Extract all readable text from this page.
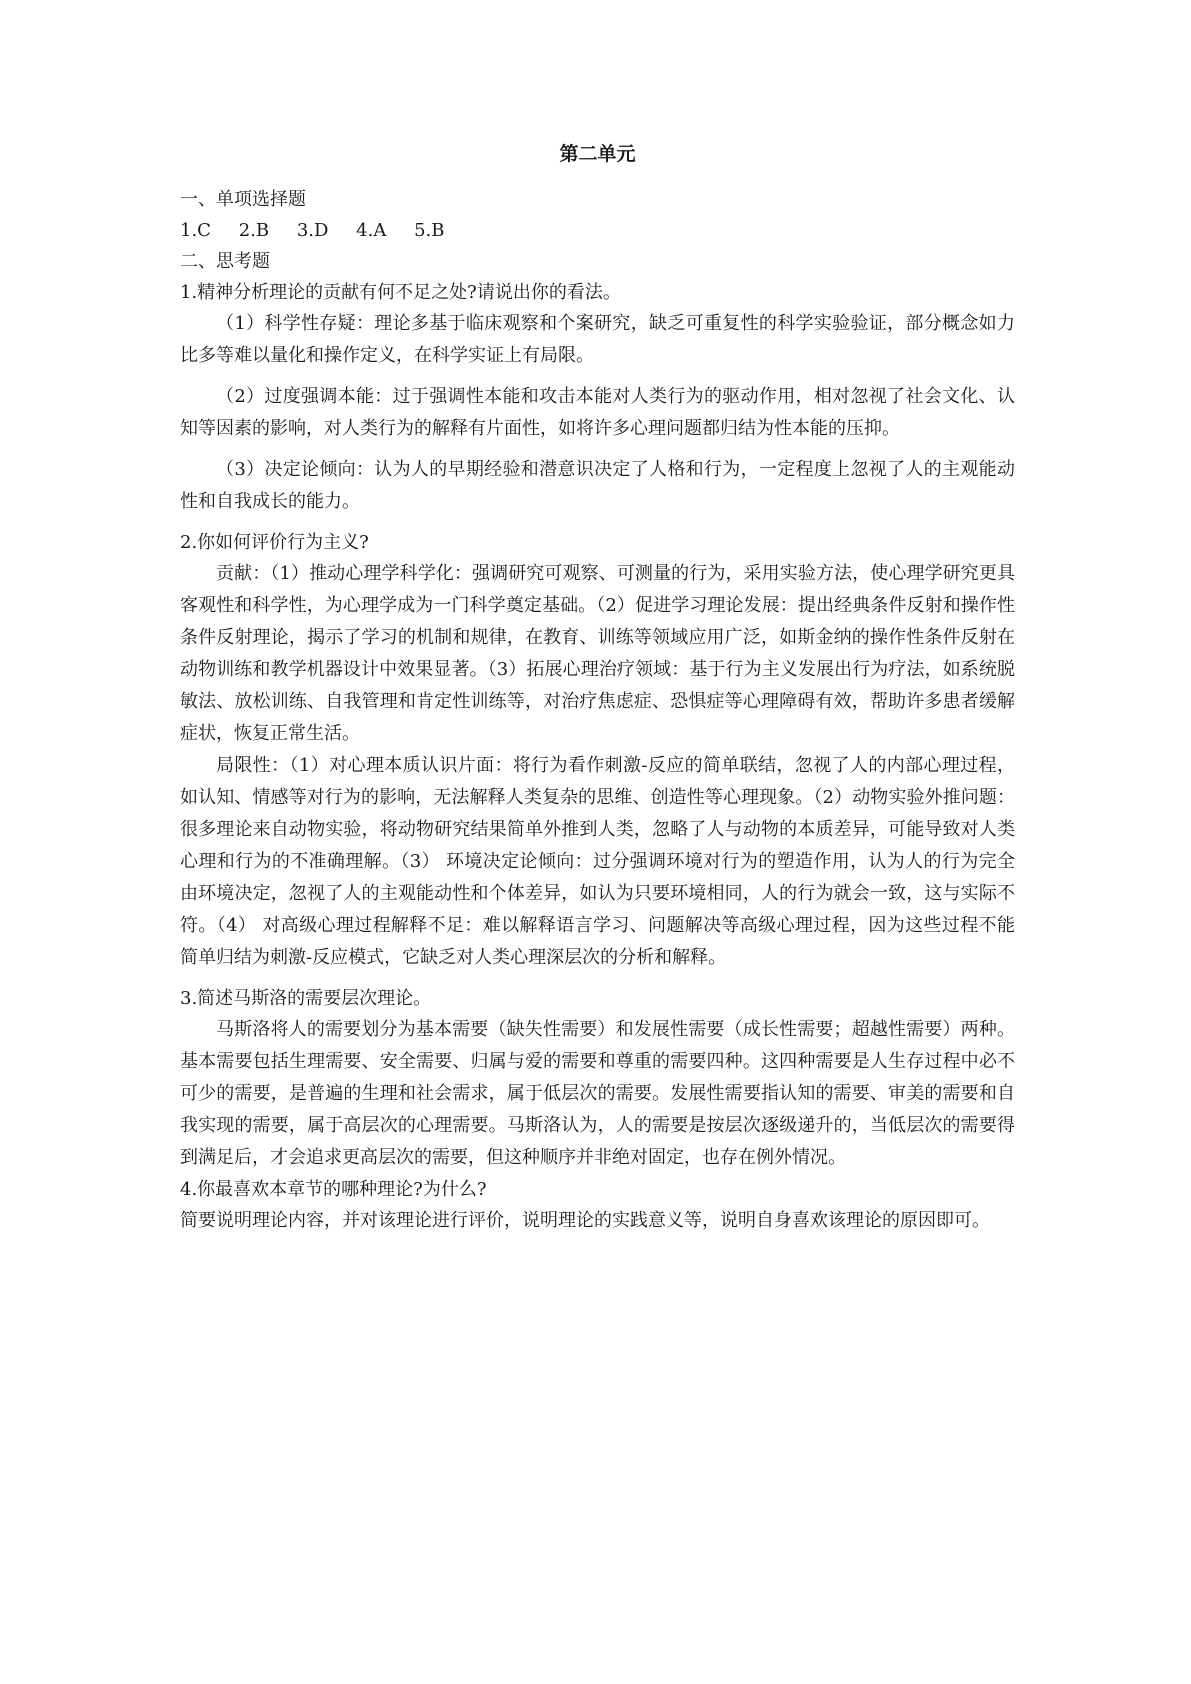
第二单元
一、单项选择题
1.C 2.B 3.D 4.A 5.B
二、思考题
1.精神分析理论的贡献有何不足之处?请说出你的看法。

（1）科学性存疑：理论多基于临床观察和个案研究，缺乏可重复性的科学实验验证，部分概念如力比多等难以量化和操作定义，在科学实证上有局限。

（2）过度强调本能：过于强调性本能和攻击本能对人类行为的驱动作用，相对忽视了社会文化、认知等因素的影响，对人类行为的解释有片面性，如将许多心理问题都归结为性本能的压抑。

（3）决定论倾向：认为人的早期经验和潜意识决定了人格和行为，一定程度上忽视了人的主观能动性和自我成长的能力。

2.你如何评价行为主义?

贡献：（1）推动心理学科学化：强调研究可观察、可测量的行为，采用实验方法，使心理学研究更具客观性和科学性，为心理学成为一门科学奠定基础。（2）促进学习理论发展：提出经典条件反射和操作性条件反射理论，揭示了学习的机制和规律，在教育、训练等领域应用广泛，如斯金纳的操作性条件反射在动物训练和教学机器设计中效果显著。（3）拓展心理治疗领域：基于行为主义发展出行为疗法，如系统脱敏法、放松训练、自我管理和肯定性训练等，对治疗焦虑症、恐惧症等心理障碍有效，帮助许多患者缓解症状，恢复正常生活。

局限性：（1）对心理本质认识片面：将行为看作刺激-反应的简单联结，忽视了人的内部心理过程，如认知、情感等对行为的影响，无法解释人类复杂的思维、创造性等心理现象。（2）动物实验外推问题：很多理论来自动物实验，将动物研究结果简单外推到人类，忽略了人与动物的本质差异，可能导致对人类心理和行为的不准确理解。（3） 环境决定论倾向：过分强调环境对行为的塑造作用，认为人的行为完全由环境决定，忽视了人的主观能动性和个体差异，如认为只要环境相同，人的行为就会一致，这与实际不符。（4） 对高级心理过程解释不足：难以解释语言学习、问题解决等高级心理过程，因为这些过程不能简单归结为刺激-反应模式，它缺乏对人类心理深层次的分析和解释。

3.简述马斯洛的需要层次理论。

马斯洛将人的需要划分为基本需要（缺失性需要）和发展性需要（成长性需要；超越性需要）两种。基本需要包括生理需要、安全需要、归属与爱的需要和尊重的需要四种。这四种需要是人生存过程中必不可少的需要，是普遍的生理和社会需求，属于低层次的需要。发展性需要指认知的需要、审美的需要和自我实现的需要，属于高层次的心理需要。马斯洛认为，人的需要是按层次逐级递升的，当低层次的需要得到满足后，才会追求更高层次的需要，但这种顺序并非绝对固定，也存在例外情况。

4.你最喜欢本章节的哪种理论?为什么?

简要说明理论内容，并对该理论进行评价，说明理论的实践意义等，说明自身喜欢该理论的原因即可。
